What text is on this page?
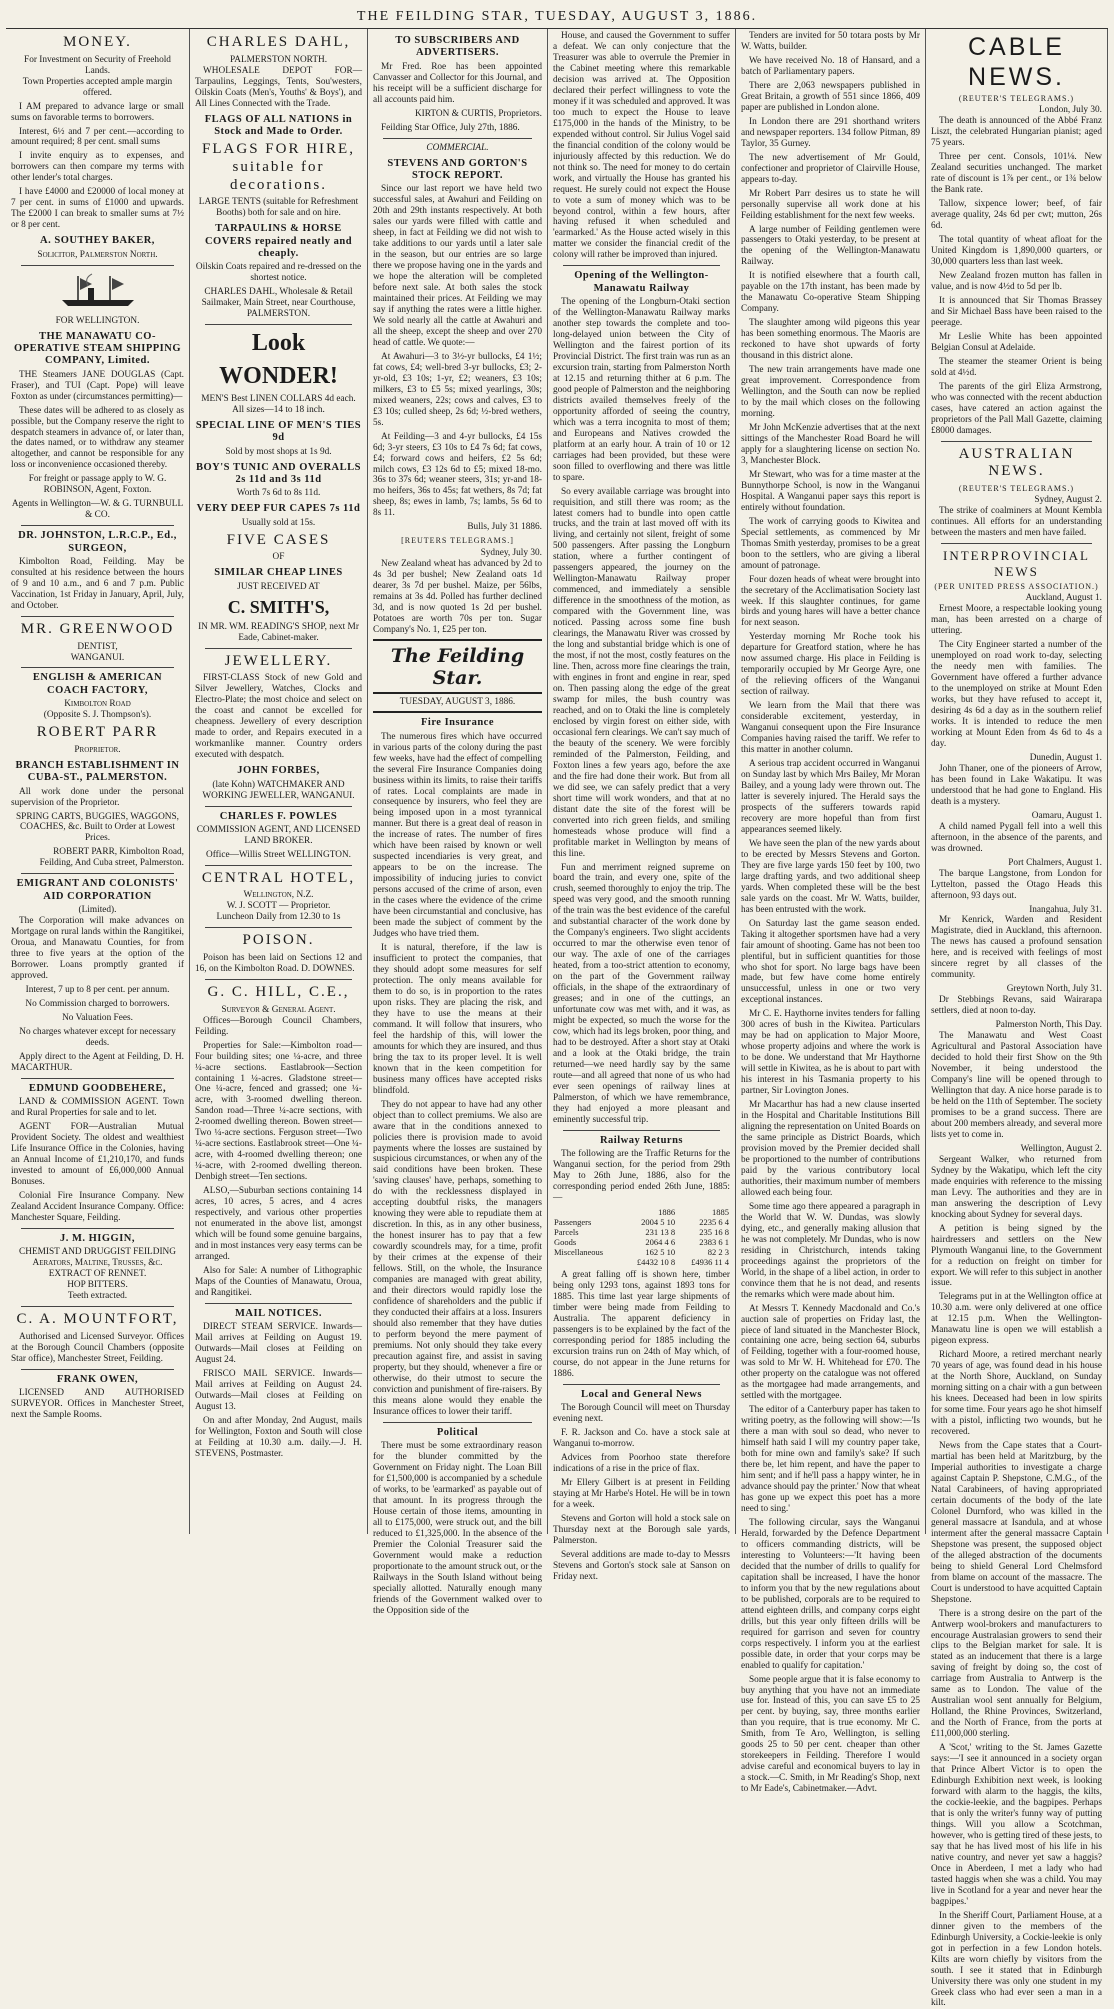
THE FEILDING STAR, TUESDAY, AUGUST 3, 1886.
MONEY.
For Investment on Security of Freehold Lands.

Town Properties accepted ample margin offered.

I AM prepared to advance large or small sums on favorable terms to borrowers.

Interest, 6½ and 7 per cent.—according to amount required; 8 per cent. small sums

I invite enquiry as to expenses, and borrowers can then compare my terms with other lender's total charges.

I have £4000 and £20000 of local money at 7 per cent. in sums of £1000 and upwards. The £2000 I can break to smaller sums at 7½ or 8 per cent.

A. SOUTHEY BAKER,
Solicitor, Palmerston North.
FOR WELLINGTON.
THE MANAWATU CO-OPERATIVE STEAM SHIPPING COMPANY, Limited.

THE Steamers JANE DOUGLAS (Capt. Fraser), and TUI (Capt. Pope) will leave Foxton as under (circumstances permitting)—

These dates will be adhered to as closely as possible, but the Company reserve the right to despatch steamers in advance of, or later than, the dates named, or to withdraw any steamer altogether, and cannot be responsible for any loss or inconvenience occasioned thereby.

For freight or passage apply to W. G. ROBINSON, Agent, Foxton.

Agents in Wellington—W. & G. TURNBULL & CO.

DR. JOHNSTON, L.R.C.P., Ed., SURGEON,

Kimbolton Road, Feilding. May be consulted at his residence between the hours of 9 and 10 a.m., and 6 and 7 p.m. Public Vaccination, 1st Friday in January, April, July, and October.

MR. GREENWOOD
DENTIST,
WANGANUI.
ENGLISH & AMERICAN COACH FACTORY,
Kimbolton Road
(Opposite S. J. Thompson's).
ROBERT PARR
Proprietor.
BRANCH ESTABLISHMENT IN CUBA-ST., PALMERSTON.

All work done under the personal supervision of the Proprietor.

SPRING CARTS, BUGGIES, WAGGONS, COACHES, &c. Built to Order at Lowest Prices.

ROBERT PARR, Kimbolton Road, Feilding, And Cuba street, Palmerston.

EMIGRANT AND COLONISTS' AID CORPORATION
(Limited).

The Corporation will make advances on Mortgage on rural lands within the Rangitikei, Oroua, and Manawatu Counties, for from three to five years at the option of the Borrower. Loans promptly granted if approved.

Interest, 7 up to 8 per cent. per annum.

No Commission charged to borrowers.

No Valuation Fees.

No charges whatever except for necessary deeds.

Apply direct to the Agent at Feilding, D. H. MACARTHUR.

EDMUND GOODBEHERE,

LAND & COMMISSION AGENT. Town and Rural Properties for sale and to let.

AGENT FOR—Australian Mutual Provident Society. The oldest and wealthiest Life Insurance Office in the Colonies, having an Annual Income of £1,210,170, and funds invested to amount of £6,000,000 Annual Bonuses.

Colonial Fire Insurance Company. New Zealand Accident Insurance Company. Office: Manchester Square, Feilding.

J. M. HIGGIN,
CHEMIST AND DRUGGIST FEILDING
Aerators, Maltine, Trusses, &c.
EXTRACT OF RENNET.
HOP BITTERS.
Teeth extracted.
C. A. MOUNTFORT,

Authorised and Licensed Surveyor. Offices at the Borough Council Chambers (opposite Star office), Manchester Street, Feilding.

FRANK OWEN,

LICENSED AND AUTHORISED SURVEYOR. Offices in Manchester Street, next the Sample Rooms.

CHARLES DAHL,
PALMERSTON NORTH.

WHOLESALE DEPOT FOR—Tarpaulins, Leggings, Tents, Sou'westers, Oilskin Coats (Men's, Youths' & Boys'), and All Lines Connected with the Trade.

FLAGS OF ALL NATIONS in Stock and Made to Order.
FLAGS FOR HIRE, suitable for decorations.
LARGE TENTS (suitable for Refreshment Booths) both for sale and on hire.
TARPAULINS & HORSE COVERS repaired neatly and cheaply.

Oilskin Coats repaired and re-dressed on the shortest notice.

CHARLES DAHL, Wholesale & Retail Sailmaker, Main Street, near Courthouse, PALMERSTON.

Look
WONDER!

MEN'S Best LINEN COLLARS 4d each. All sizes—14 to 18 inch.

SPECIAL LINE OF MEN'S TIES 9d
Sold by most shops at 1s 9d.
BOY'S TUNIC AND OVERALLS 2s 11d and 3s 11d
Worth 7s 6d to 8s 11d.
VERY DEEP FUR CAPES 7s 11d
Usually sold at 15s.
FIVE CASES
OF
SIMILAR CHEAP LINES
JUST RECEIVED AT
C. SMITH'S,

IN MR. WM. READING'S SHOP, next Mr Eade, Cabinet-maker.

JEWELLERY.

FIRST-CLASS Stock of new Gold and Silver Jewellery, Watches, Clocks and Electro-Plate; the most choice and select on the coast and cannot be excelled for cheapness. Jewellery of every description made to order, and Repairs executed in a workmanlike manner. Country orders executed with despatch.

JOHN FORBES,

(late Kohn) WATCHMAKER AND WORKING JEWELLER, WANGANUI.

CHARLES F. POWLES

COMMISSION AGENT, AND LICENSED LAND BROKER.

Office—Willis Street WELLINGTON.
CENTRAL HOTEL,
Wellington, N.Z.
W. J. SCOTT — Proprietor.
Luncheon Daily from 12.30 to 1s
POISON.

Poison has been laid on Sections 12 and 16, on the Kimbolton Road. D. DOWNES.

G. C. HILL, C.E.,
Surveyor & General Agent.

Offices—Borough Council Chambers, Feilding.

Properties for Sale:—Kimbolton road—Four building sites; one ¼-acre, and three ¼-acre sections. Eastlabrook—Section containing 1 ¼-acres. Gladstone street—One ¼-acre, fenced and grassed; one ¼-acre, with 3-roomed dwelling thereon. Sandon road—Three ¼-acre sections, with 2-roomed dwelling thereon. Bowen street—Two ¼-acre sections. Ferguson street—Two ¼-acre sections. Eastlabrook street—One ¼-acre, with 4-roomed dwelling thereon; one ¼-acre, with 2-roomed dwelling thereon. Denbigh street—Ten sections.

ALSO,—Suburban sections containing 14 acres, 10 acres, 5 acres, and 4 acres respectively, and various other properties not enumerated in the above list, amongst which will be found some genuine bargains, and in most instances very easy terms can be arranged.

Also for Sale: A number of Lithographic Maps of the Counties of Manawatu, Oroua, and Rangitikei.

MAIL NOTICES.

DIRECT STEAM SERVICE. Inwards—Mail arrives at Feilding on August 19. Outwards—Mail closes at Feilding on August 24.

FRISCO MAIL SERVICE. Inwards—Mail arrives at Feilding on August 24. Outwards—Mail closes at Feilding on August 13.

On and after Monday, 2nd August, mails for Wellington, Foxton and South will close at Feilding at 10.30 a.m. daily.—J. H. STEVENS, Postmaster.

TO SUBSCRIBERS AND ADVERTISERS.

Mr Fred. Roe has been appointed Canvasser and Collector for this Journal, and his receipt will be a sufficient discharge for all accounts paid him.

KIRTON & CURTIS, Proprietors.

Feilding Star Office, July 27th, 1886.

COMMERCIAL.
STEVENS AND GORTON'S STOCK REPORT.

Since our last report we have held two successful sales, at Awahuri and Feilding on 20th and 29th instants respectively. At both sales our yards were filled with cattle and sheep, in fact at Feilding we did not wish to take additions to our yards until a later sale in the season, but our entries are so large there we propose having one in the yards and we hope the alteration will be completed before next sale. At both sales the stock maintained their prices. At Feilding we may say if anything the rates were a little higher. We sold nearly all the cattle at Awahuri and all the sheep, except the sheep and over 270 head of cattle. We quote:—

At Awahuri—3 to 3½-yr bullocks, £4 1½; fat cows, £4; well-bred 3-yr bullocks, £3; 2-yr-old, £3 10s; 1-yr, £2; weaners, £3 10s; milkers, £3 to £5 5s; mixed yearlings, 30s; mixed weaners, 22s; cows and calves, £3 to £3 10s; culled sheep, 2s 6d; ½-bred wethers, 5s.

At Feilding—3 and 4-yr bullocks, £4 15s 6d; 3-yr steers, £3 10s to £4 7s 6d; fat cows, £4; forward cows and heifers, £2 5s 6d; milch cows, £3 12s 6d to £5; mixed 18-mo. 36s to 37s 6d; weaner steers, 31s; yr-and 18-mo heifers, 36s to 45s; fat wethers, 8s 7d; fat sheep, 8s; ewes in lamb, 7s; lambs, 5s 6d to 8s 11.

Bulls, July 31 1886.

[REUTERS TELEGRAMS.]
Sydney, July 30.

New Zealand wheat has advanced by 2d to 4s 3d per bushel; New Zealand oats 1d dearer, 3s 7d per bushel. Maize, per 56lbs, remains at 3s 4d. Polled has further declined 3d, and is now quoted 1s 2d per bushel. Potatoes are worth 70s per ton. Sugar Company's No. 1, £25 per ton.

The Feilding Star.
TUESDAY, AUGUST 3, 1886.
Fire Insurance

The numerous fires which have occurred in various parts of the colony during the past few weeks, have had the effect of compelling the several Fire Insurance Companies doing business within its limits, to raise their tariffs of rates. Local complaints are made in consequence by insurers, who feel they are being imposed upon in a most tyrannical manner. But there is a great deal of reason in the increase of rates. The number of fires which have been raised by known or well suspected incendiaries is very great, and appears to be on the increase. The impossibility of inducing juries to convict persons accused of the crime of arson, even in the cases where the evidence of the crime have been circumstantial and conclusive, has been made the subject of comment by the Judges who have tried them.

It is natural, therefore, if the law is insufficient to protect the companies, that they should adopt some measures for self protection. The only means available for them to do so, is in proportion to the rates upon risks. They are placing the risk, and they have to use the means at their command. It will follow that insurers, who feel the hardship of this, will lower the amounts for which they are insured, and thus bring the tax to its proper level. It is well known that in the keen competition for business many offices have accepted risks blindfold.

They do not appear to have had any other object than to collect premiums. We also are aware that in the conditions annexed to policies there is provision made to avoid payments where the losses are sustained by suspicious circumstances, or when any of the said conditions have been broken. These 'saving clauses' have, perhaps, something to do with the recklessness displayed in accepting doubtful risks, the managers knowing they were able to repudiate them at discretion. In this, as in any other business, the honest insurer has to pay that a few cowardly scoundrels may, for a time, profit by their crimes at the expense of their fellows. Still, on the whole, the Insurance companies are managed with great ability, and their directors would rapidly lose the confidence of shareholders and the public if they conducted their affairs at a loss. Insurers should also remember that they have duties to perform beyond the mere payment of premiums. Not only should they take every precaution against fire, and assist in saving property, but they should, whenever a fire or otherwise, do their utmost to secure the conviction and punishment of fire-raisers. By this means alone would they enable the Insurance offices to lower their tariff.

Political

There must be some extraordinary reason for the blunder committed by the Government on Friday night. The Loan Bill for £1,500,000 is accompanied by a schedule of works, to be 'earmarked' as payable out of that amount. In its progress through the House certain of those items, amounting in all to £175,000, were struck out, and the bill reduced to £1,325,000. In the absence of the Premier the Colonial Treasurer said the Government would make a reduction proportionate to the amount struck out, or the Railways in the South Island without being specially allotted. Naturally enough many friends of the Government walked over to the Opposition side of the

House, and caused the Government to suffer a defeat. We can only conjecture that the Treasurer was able to overrule the Premier in the Cabinet meeting where this remarkable decision was arrived at. The Opposition declared their perfect willingness to vote the money if it was scheduled and approved. It was too much to expect the House to leave £175,000 in the hands of the Ministry, to be expended without control. Sir Julius Vogel said the financial condition of the colony would be injuriously affected by this reduction. We do not think so. The need for money to do certain work, and virtually the House has granted his request. He surely could not expect the House to vote a sum of money which was to be beyond control, within a few hours, after having refused it when scheduled and 'earmarked.' As the House acted wisely in this matter we consider the financial credit of the colony will rather be improved than injured.

Opening of the Wellington-Manawatu Railway

The opening of the Longburn-Otaki section of the Wellington-Manawatu Railway marks another step towards the complete and too-long-delayed union between the City of Wellington and the fairest portion of its Provincial District. The first train was run as an excursion train, starting from Palmerston North at 12.15 and returning thither at 6 p.m. The good people of Palmerston and the neighboring districts availed themselves freely of the opportunity afforded of seeing the country, which was a terra incognita to most of them; and Europeans and Natives crowded the platform at an early hour. A train of 10 or 12 carriages had been provided, but these were soon filled to overflowing and there was little to spare.

So every available carriage was brought into requisition, and still there was room; as the latest comers had to bundle into open cattle trucks, and the train at last moved off with its living, and certainly not silent, freight of some 500 passengers. After passing the Longburn station, where a further contingent of passengers appeared, the journey on the Wellington-Manawatu Railway proper commenced, and immediately a sensible difference in the smoothness of the motion, as compared with the Government line, was noticed. Passing across some fine bush clearings, the Manawatu River was crossed by the long and substantial bridge which is one of the most, if not the most, costly features on the line. Then, across more fine clearings the train, with engines in front and engine in rear, sped on. Then passing along the edge of the great swamp for miles, the bush country was reached, and on to Otaki the line is completely enclosed by virgin forest on either side, with occasional fern clearings. We can't say much of the beauty of the scenery. We were forcibly reminded of the Palmerston, Feilding, and Foxton lines a few years ago, before the axe and the fire had done their work. But from all we did see, we can safely predict that a very short time will work wonders, and that at no distant date the site of the forest will be converted into rich green fields, and smiling homesteads whose produce will find a profitable market in Wellington by means of this line.

Fun and merriment reigned supreme on board the train, and every one, spite of the crush, seemed thoroughly to enjoy the trip. The speed was very good, and the smooth running of the train was the best evidence of the careful and substantial character of the work done by the Company's engineers. Two slight accidents occurred to mar the otherwise even tenor of our way. The axle of one of the carriages heated, from a too-strict attention to economy, on the part of the Government railway officials, in the shape of the extraordinary of greases; and in one of the cuttings, an unfortunate cow was met with, and it was, as might be expected, so much the worse for the cow, which had its legs broken, poor thing, and had to be destroyed. After a short stay at Otaki and a look at the Otaki bridge, the train returned—we need hardly say by the same route—and all agreed that none of us who had ever seen openings of railway lines at Palmerston, of which we have remembrance, they had enjoyed a more pleasant and eminently successful trip.

Railway Returns

The following are the Traffic Returns for the Wanganui section, for the period from 29th May to 26th June, 1886, also for the corresponding period ended 26th June, 1885:—

	1886	1885
Passengers	2004 5 10	2235 6 4
Parcels	231 13 8	235 16 8
Goods	2064 4 6	2383 6 1
Miscellaneous	162 5 10	82 2 3
	£4432 10 8	£4936 11 4

A great falling off is shown here, timber being only 1293 tons, against 1893 tons for 1885. This time last year large shipments of timber were being made from Feilding to Australia. The apparent deficiency in passengers is to be explained by the fact of the corresponding period for 1885 including the excursion trains run on 24th of May which, of course, do not appear in the June returns for 1886.

Local and General News

The Borough Council will meet on Thursday evening next.

F. R. Jackson and Co. have a stock sale at Wanganui to-morrow.

Advices from Poorhoo state therefore indications of a rise in the price of flax.

Mr Ellery Gilbert is at present in Feilding staying at Mr Harbe's Hotel. He will be in town for a week.

Stevens and Gorton will hold a stock sale on Thursday next at the Borough sale yards, Palmerston.

Several additions are made to-day to Messrs Stevens and Gorton's stock sale at Sanson on Friday next.

Tenders are invited for 50 totara posts by Mr W. Watts, builder.

We have received No. 18 of Hansard, and a batch of Parliamentary papers.

There are 2,063 newspapers published in Great Britain, a growth of 551 since 1866, 409 paper are published in London alone.

In London there are 291 shorthand writers and newspaper reporters. 134 follow Pitman, 89 Taylor, 35 Gurney.

The new advertisement of Mr Gould, confectioner and proprietor of Clairville House, appears to-day.

Mr Robert Parr desires us to state he will personally supervise all work done at his Feilding establishment for the next few weeks.

A large number of Feilding gentlemen were passengers to Otaki yesterday, to be present at the opening of the Wellington-Manawatu Railway.

It is notified elsewhere that a fourth call, payable on the 17th instant, has been made by the Manawatu Co-operative Steam Shipping Company.

The slaughter among wild pigeons this year has been something enormous. The Maoris are reckoned to have shot upwards of forty thousand in this district alone.

The new train arrangements have made one great improvement. Correspondence from Wellington, and the South can now be replied to by the mail which closes on the following morning.

Mr John McKenzie advertises that at the next sittings of the Manchester Road Board he will apply for a slaughtering license on section No. 3, Manchester Block.

Mr Stewart, who was for a time master at the Bunnythorpe School, is now in the Wanganui Hospital. A Wanganui paper says this report is entirely without foundation.

The work of carrying goods to Kiwitea and Special settlements, as commenced by Mr Thomas Smith yesterday, promises to be a great boon to the settlers, who are giving a liberal amount of patronage.

Four dozen heads of wheat were brought into the secretary of the Acclimatisation Society last week. If this slaughter continues, for game birds and young hares will have a better chance for next season.

Yesterday morning Mr Roche took his departure for Greatford station, where he has now assumed charge. His place in Feilding is temporarily occupied by Mr George Ayre, one of the relieving officers of the Wanganui section of railway.

We learn from the Mail that there was considerable excitement, yesterday, in Wanganui consequent upon the Fire Insurance Companies having raised the tariff. We refer to this matter in another column.

A serious trap accident occurred in Wanganui on Sunday last by which Mrs Bailey, Mr Moran Bailey, and a young lady were thrown out. The latter is severely injured. The Herald says the prospects of the sufferers towards rapid recovery are more hopeful than from first appearances seemed likely.

We have seen the plan of the new yards about to be erected by Messrs Stevens and Gorton. They are five large yards 150 feet by 100, two large drafting yards, and two additional sheep yards. When completed these will be the best sale yards on the coast. Mr W. Watts, builder, has been entrusted with the work.

On Saturday last the game season ended. Taking it altogether sportsmen have had a very fair amount of shooting. Game has not been too plentiful, but in sufficient quantities for those who shot for sport. No large bags have been made, but few have come home entirely unsuccessful, unless in one or two very exceptional instances.

Mr C. E. Haythorne invites tenders for falling 300 acres of bush in the Kiwitea. Particulars may be had on application to Major Moore, whose property adjoins and where the work is to be done. We understand that Mr Haythorne will settle in Kiwitea, as he is about to part with his interest in his Tasmania property to his partner, Sir Lovington Jones.

Mr Macarthur has had a new clause inserted in the Hospital and Charitable Institutions Bill aligning the representation on United Boards on the same principle as District Boards, which provision moved by the Premier decided shall be proportioned to the number of contributions paid by the various contributory local authorities, their maximum number of members allowed each being four.

Some time ago there appeared a paragraph in the World that W. W. Dundas, was slowly dying, etc., and generally making allusion that he was not completely. Mr Dundas, who is now residing in Christchurch, intends taking proceedings against the proprietors of the World, in the shape of a libel action, in order to convince them that he is not dead, and resents the remarks which were made about him.

At Messrs T. Kennedy Macdonald and Co.'s auction sale of properties on Friday last, the piece of land situated in the Manchester Block, containing one acre, being section 64, suburbs of Feilding, together with a four-roomed house, was sold to Mr W. H. Whitehead for £70. The other property on the catalogue was not offered as the mortgagee had made arrangements, and settled with the mortgagee.

The editor of a Canterbury paper has taken to writing poetry, as the following will show:—'Is there a man with soul so dead, who never to himself hath said I will my country paper take, both for mine own and family's sake? If such there be, let him repent, and have the paper to him sent; and if he'll pass a happy winter, he in advance should pay the printer.' Now that wheat has gone up we expect this poet has a more need to sing.'

The following circular, says the Wanganui Herald, forwarded by the Defence Department to officers commanding districts, will be interesting to Volunteers:—'It having been decided that the number of drills to qualify for capitation shall be increased, I have the honor to inform you that by the new regulations about to be published, corporals are to be required to attend eighteen drills, and company corps eight drills, but this year only fifteen drills will be required for garrison and seven for country corps respectively. I inform you at the earliest possible date, in order that your corps may be enabled to qualify for capitation.'

Some people argue that it is false economy to buy anything that you have not an immediate use for. Instead of this, you can save £5 to 25 per cent. by buying, say, three months earlier than you require, that is true economy. Mr C. Smith, from Te Aro, Wellington, is selling goods 25 to 50 per cent. cheaper than other storekeepers in Feilding. Therefore I would advise careful and economical buyers to lay in a stock.—C. Smith, in Mr Reading's Shop, next to Mr Eade's, Cabinetmaker.—Advt.

CABLE NEWS.
(REUTER'S TELEGRAMS.)
London, July 30.

The death is announced of the Abbé Franz Liszt, the celebrated Hungarian pianist; aged 75 years.

Three per cent. Consols, 101⅛. New Zealand securities unchanged. The market rate of discount is 1⅞ per cent., or 1¾ below the Bank rate.

Tallow, sixpence lower; beef, of fair average quality, 24s 6d per cwt; mutton, 26s 6d.

The total quantity of wheat afloat for the United Kingdom is 1,890,000 quarters, or 30,000 quarters less than last week.

New Zealand frozen mutton has fallen in value, and is now 4½d to 5d per lb.

It is announced that Sir Thomas Brassey and Sir Michael Bass have been raised to the peerage.

Mr Leslie White has been appointed Belgian Consul at Adelaide.

The steamer the steamer Orient is being sold at 4½d.

The parents of the girl Eliza Armstrong, who was connected with the recent abduction cases, have catered an action against the proprietors of the Pall Mall Gazette, claiming £8000 damages.

AUSTRALIAN NEWS.
(REUTER'S TELEGRAMS.)
Sydney, August 2.

The strike of coalminers at Mount Kembla continues. All efforts for an understanding between the masters and men have failed.

INTERPROVINCIAL NEWS
(PER UNITED PRESS ASSOCIATION.)
Auckland, August 1.

Ernest Moore, a respectable looking young man, has been arrested on a charge of uttering.

The City Engineer started a number of the unemployed on road work to-day, selecting the needy men with families. The Government have offered a further advance to the unemployed on strike at Mount Eden works, but they have refused to accept it, desiring 4s 6d a day as in the southern relief works. It is intended to reduce the men working at Mount Eden from 4s 6d to 4s a day.

Dunedin, August 1.

John Thaner, one of the pioneers of Arrow, has been found in Lake Wakatipu. It was understood that he had gone to England. His death is a mystery.

Oamaru, August 1.

A child named Pygall fell into a well this afternoon, in the absence of the parents, and was drowned.

Port Chalmers, August 1.

The barque Langstone, from London for Lyttelton, passed the Otago Heads this afternoon, 93 days out.

Inangahua, July 31.

Mr Kenrick, Warden and Resident Magistrate, died in Auckland, this afternoon. The news has caused a profound sensation here, and is received with feelings of most sincere regret by all classes of the community.

Greytown North, July 31.

Dr Stebbings Revans, said Wairarapa settlers, died at noon to-day.

Palmerston North, This Day.

The Manawatu and West Coast Agricultural and Pastoral Association have decided to hold their first Show on the 9th November, it being understood the Company's line will be opened through to Wellington that day. A nice horse parade is to be held on the 11th of September. The society promises to be a grand success. There are about 200 members already, and several more lists yet to come in.

Wellington, August 2.

Sergeant Walker, who returned from Sydney by the Wakatipu, which left the city made enquiries with reference to the missing man Levy. The authorities and they are in man answering the description of Levy knocking about Sydney for several days.

A petition is being signed by the hairdressers and settlers on the New Plymouth Wanganui line, to the Government for a reduction on freight on timber for export. We will refer to this subject in another issue.

Telegrams put in at the Wellington office at 10.30 a.m. were only delivered at one office at 12.15 p.m. When the Wellington-Manawatu line is open we will establish a pigeon express.

Richard Moore, a retired merchant nearly 70 years of age, was found dead in his house at the North Shore, Auckland, on Sunday morning sitting on a chair with a gun between his knees. Deceased had been in low spirits for some time. Four years ago he shot himself with a pistol, inflicting two wounds, but he recovered.

News from the Cape states that a Court-martial has been held at Maritzburg, by the Imperial authorities to investigate a charge against Captain P. Shepstone, C.M.G., of the Natal Carabineers, of having appropriated certain documents of the body of the late Colonel Durnford, who was killed in the general massacre at Isandula, and at whose interment after the general massacre Captain Shepstone was present, the supposed object of the alleged abstraction of the documents being to shield General Lord Chelmsford from blame on account of the massacre. The Court is understood to have acquitted Captain Shepstone.

There is a strong desire on the part of the Antwerp wool-brokers and manufacturers to encourage Australasian growers to send their clips to the Belgian market for sale. It is stated as an inducement that there is a large saving of freight by doing so, the cost of carriage from Australia to Antwerp is the same as to London. The value of the Australian wool sent annually for Belgium, Holland, the Rhine Provinces, Switzerland, and the North of France, from the ports at £11,000,000 sterling.

A 'Scot,' writing to the St. James Gazette says:—'I see it announced in a society organ that Prince Albert Victor is to open the Edinburgh Exhibition next week, is looking forward with alarm to the haggis, the kilts, the cockie-leekie, and the bagpipes. Perhaps that is only the writer's funny way of putting things. Will you allow a Scotchman, however, who is getting tired of these jests, to say that he has lived most of his life in his native country, and never yet saw a haggis? Once in Aberdeen, I met a lady who had tasted haggis when she was a child. You may live in Scotland for a year and never hear the bagpipes.'

In the Sheriff Court, Parliament House, at a dinner given to the members of the Edinburgh University, a Cockie-leekie is only got in perfection in a few London hotels. Kilts are worn chiefly by visitors from the south. I see it stated that in Edinburgh University there was only one student in my Greek class who had ever seen a man in a kilt.
